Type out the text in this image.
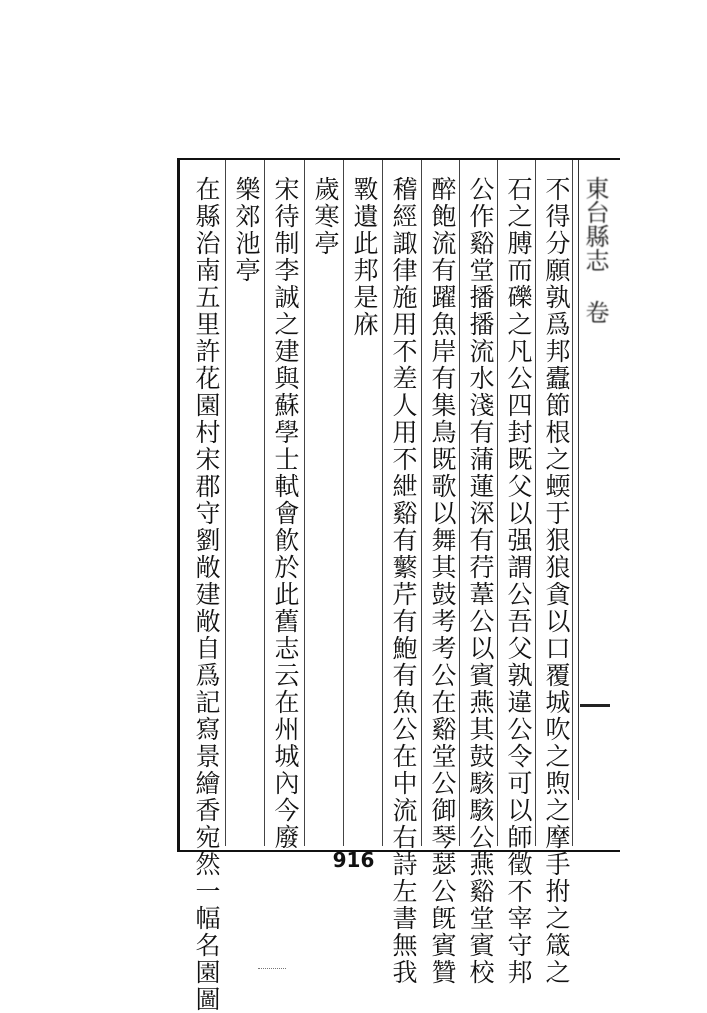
東台縣志 卷
不得分願孰爲邦蠹節根之蝡于狠狼貪以口覆城吹之煦之摩手拊之箴之
石之膊而礫之凡公四封既父以强謂公吾父孰違公令可以師徵不宰守邦
公作谿堂播播流水淺有蒲蓮深有荇葦公以賓燕其鼓駭駭公燕谿堂賓校
醉飽流有躍魚岸有集鳥既歌以舞其鼓考考公在谿堂公御琴瑟公旣賓贊
稽經諏律施用不差人用不紲谿有蘩芹有鮑有魚公在中流右詩左書無我
斁遺此邦是庥
歲寒亭
宋待制李誠之建與蘇學士軾會飮於此舊志云在州城內今廢
樂郊池亭
在縣治南五里許花園村宋郡守劉敞建敞自爲記寫景繪香宛然一幅名園圖	916
